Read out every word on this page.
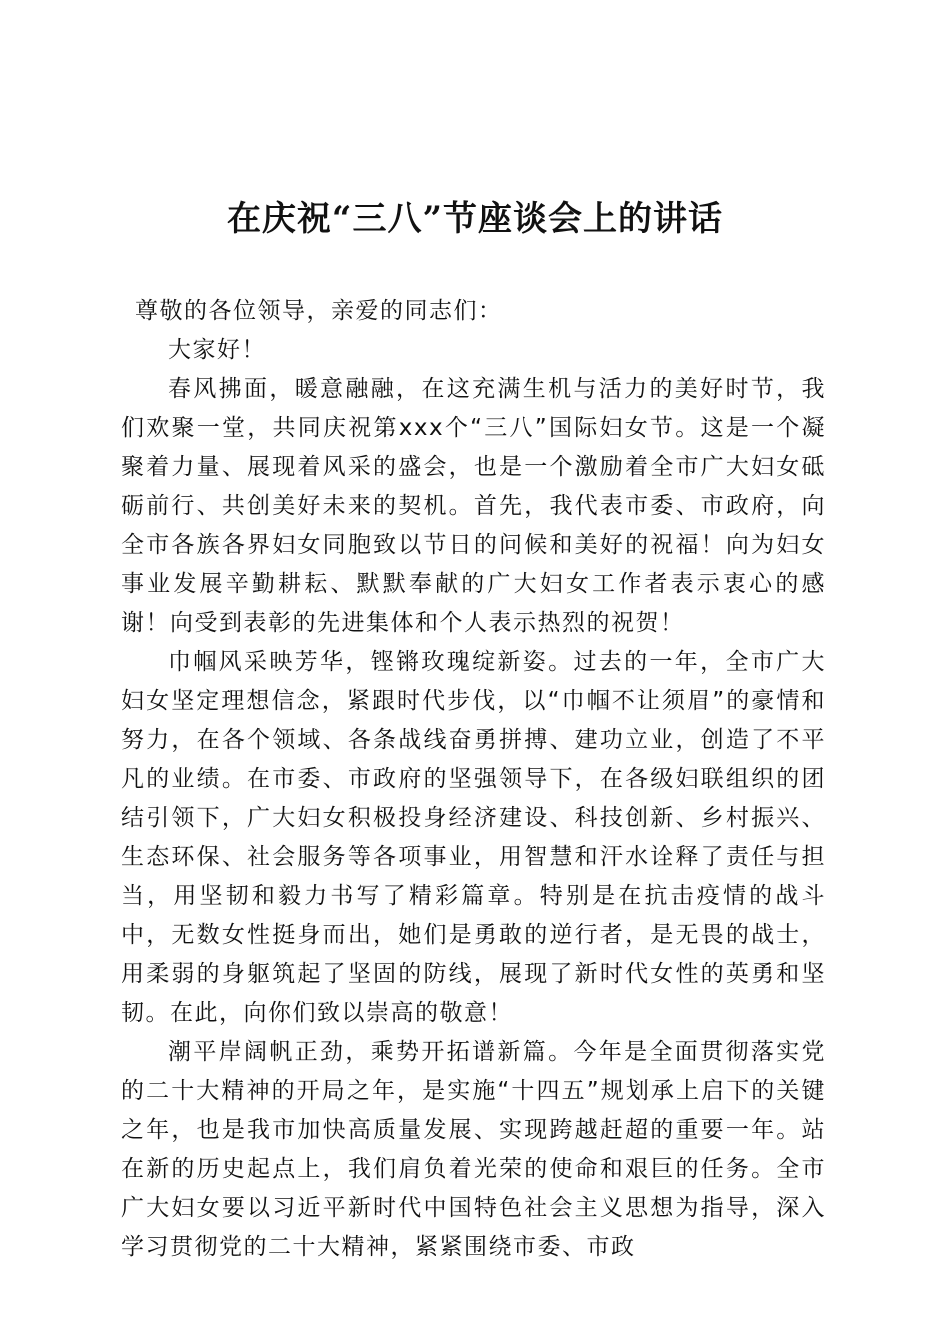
在庆祝“三八”节座谈会上的讲话

尊敬的各位领导，亲爱的同志们：

大家好！

春风拂面，暖意融融，在这充满生机与活力的美好时节，我们欢聚一堂，共同庆祝第xxx个“三八”国际妇女节。这是一个凝聚着力量、展现着风采的盛会，也是一个激励着全市广大妇女砥砺前行、共创美好未来的契机。首先，我代表市委、市政府，向全市各族各界妇女同胞致以节日的问候和美好的祝福！向为妇女事业发展辛勤耕耘、默默奉献的广大妇女工作者表示衷心的感谢！向受到表彰的先进集体和个人表示热烈的祝贺！

巾帼风采映芳华，铿锵玫瑰绽新姿。过去的一年，全市广大妇女坚定理想信念，紧跟时代步伐，以“巾帼不让须眉”的豪情和努力，在各个领域、各条战线奋勇拼搏、建功立业，创造了不平凡的业绩。在市委、市政府的坚强领导下，在各级妇联组织的团结引领下，广大妇女积极投身经济建设、科技创新、乡村振兴、生态环保、社会服务等各项事业，用智慧和汗水诠释了责任与担当，用坚韧和毅力书写了精彩篇章。特别是在抗击疫情的战斗中，无数女性挺身而出，她们是勇敢的逆行者，是无畏的战士，用柔弱的身躯筑起了坚固的防线，展现了新时代女性的英勇和坚韧。在此，向你们致以崇高的敬意！

潮平岸阔帆正劲，乘势开拓谱新篇。今年是全面贯彻落实党的二十大精神的开局之年，是实施“十四五”规划承上启下的关键之年，也是我市加快高质量发展、实现跨越赶超的重要一年。站在新的历史起点上，我们肩负着光荣的使命和艰巨的任务。全市广大妇女要以习近平新时代中国特色社会主义思想为指导，深入学习贯彻党的二十大精神，紧紧围绕市委、市政
